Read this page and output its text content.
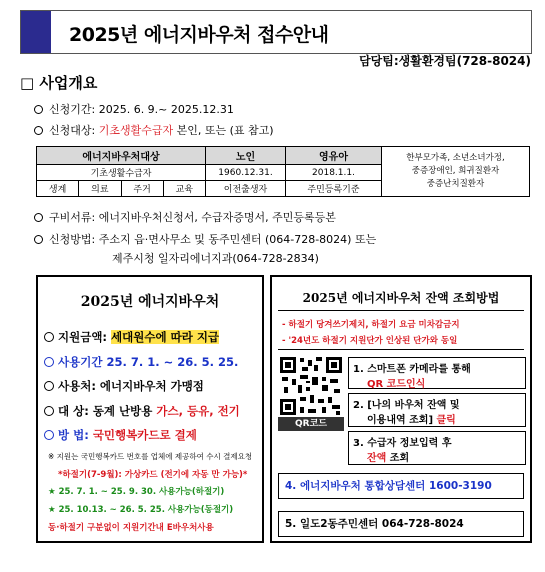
2025년 에너지바우처 접수안내
담당팀:생활환경팀(728-8024)
□ 사업개요
신청기간: 2025. 6. 9.~ 2025.12.31
신청대상: 기초생활수급자 본인, 또는 (표 참고)
에너지바우처대상				노인	영유아	한부모가족, 소년소녀가정,
중증장애인, 희귀질환자
중증난치질환자

기초생활수급자				1960.12.31.	2018.1.1.	
생계	의료	주거	교육	이전출생자	주민등록기준	
구비서류: 에너지바우처신청서, 수급자증명서, 주민등록등본
신청방법: 주소지 읍·면사무소 및 동주민센터 (064-728-8024) 또는
제주시청 일자리에너지과(064-728-2834)
2025년 에너지바우처
지원금액: 세대원수에 따라 지급
사용기간 25. 7. 1. ~ 26. 5. 25.
사용처: 에너지바우처 가맹점
대 상: 동계 난방용 가스, 등유, 전기
방 법: 국민행복카드로 결제
※ 지원는 국민행복카드 번호를 업체에 제공하여 수시 결제요청
*하절기(7-9월): 가상카드 (전기에 자동 만 가능)*
★ 25. 7. 1. ~ 25. 9. 30. 사용가능(하절기)
★ 25. 10.13. ~ 26. 5. 25. 사용가능(동절기)
동·하절기 구분없이 지원기간내 E바우처사용
2025년 에너지바우처 잔액 조회방법
- 하절기 당겨쓰기제치, 하절기 요금 미차감금지
- '24년도 하절기 지원단가 인상된 단가와 동일
QR코드
1. 스마트폰 카메라를 통해
QR 코드인식
2. [나의 바우처 잔액 및
이용내역 조회] 클릭
3. 수급자 정보입력 후
잔액 조회
4. 에너지바우처 통합상담센터 1600-3190
5. 일도2동주민센터 064-728-8024
